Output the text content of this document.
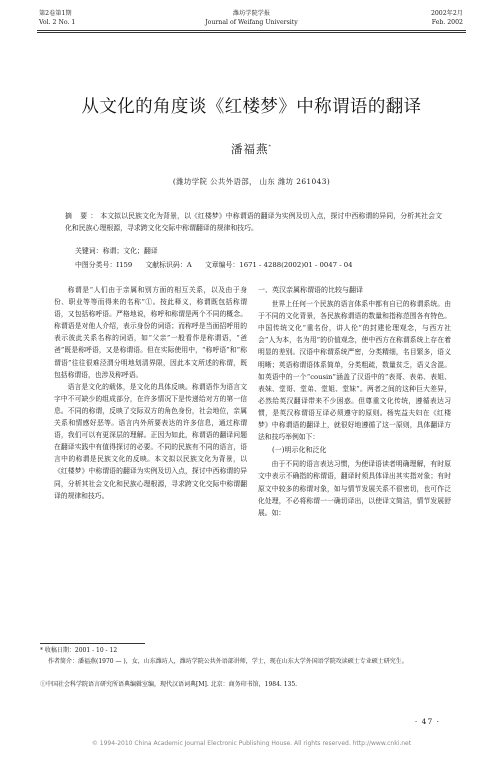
第2卷第1期
Vol. 2 No. 1
潍坊学院学报
Journal of Weifang University
2002年2月
Feb. 2002
从文化的角度谈《红楼梦》中称谓语的翻译
潘福燕*
(潍坊学院 公共外语部， 山东 潍坊 261043)
摘 要：本文拟以民族文化为背景，以《红楼梦》中称谓语的翻译为实例及切入点，探讨中西称谓的异同，分析其社会文化和民族心理根源，寻求跨文化交际中称谓翻译的规律和技巧。
关键词：称谓；文化；翻译
中图分类号：I159 文献标识码：A 文章编号：1671 - 4288(2002)01 - 0047 - 04

称谓是“人们由于亲属和别方面的相互关系，以及由于身份、职业等等而得来的名称”①。按此释义，称谓既包括称谓语，又包括称呼语。严格地说，称呼和称谓是两个不同的概念。称谓语是对他人介绍，表示身份的词语；而称呼是当面招呼用的表示彼此关系名称的词语，如“父亲”一般看作是称谓语，“爸爸”既是称呼语，又是称谓语。但在实际使用中，“称呼语”和“称谓语”往往很难泾渭分明地划清界限，因此本文所述的称谓，既包括称谓语，也涉及称呼语。

语言是文化的载体，是文化的具体反映。称谓语作为语言文字中不可缺少的组成部分，在许多情况下是传递给对方的第一信息。不同的称谓，反映了交际双方的角色身份，社会地位，亲属关系和情感好恶等。语言内外所要表达的许多信息，通过称谓语，我们可以有更深层的理解。正因为如此，称谓语的翻译问题在翻译实践中有值得探讨的必要。不同的民族有不同的语言，语言中的称谓是民族文化的反映。本文拟以民族文化为背景，以《红楼梦》中称谓语的翻译为实例及切入点，探讨中西称谓的异同，分析其社会文化和民族心理根源，寻求跨文化交际中称谓翻译的规律和技巧。

一、英汉亲属称谓语的比较与翻译

世界上任何一个民族的语言体系中都有自已的称谓系统。由于不同的文化背景，各民族称谓语的数量和指称范围各有特色。中国传统文化“重名份，讲人伦”的封建伦理观念，与西方社会“人为本，名为用”的价值观念，使中西方在称谓系统上存在着明显的差别。汉语中称谓系统严密，分类精细，名目繁多，语义明晰；英语称谓语体系简单，分类粗疏，数量贫乏，语义含混。如英语中的一个“cousin”涵盖了汉语中的“表哥、表弟、表姐、表妹、堂哥、堂弟、堂姐、堂妹”。两者之间的这种巨大差异，必然给英汉翻译带来不少困惑。但尊重文化传统，遵循表达习惯，是英汉称谓语互译必须遵守的原则。杨宪益夫妇在《红楼梦》中称谓语的翻译上，就很好地遵循了这一原则，具体翻译方法和技巧举例如下：

(一)明示化和泛化

由于不同的语言表达习惯，为使译语读者明确理解，有时原文中表示不确指的称谓语，翻译时须具体译出其实指对象；有时原文中较多的称谓对象，如与情节发展关系不很密切，也可作泛化处理，不必将称谓一一确切译出，以使译文简洁，情节发展舒展。如：

* 收稿日期：2001 - 10 - 12
作者简介：潘福燕(1970 — )，女，山东潍坊人，潍坊学院公共外语部讲师，学士，现在山东大学外国语学院攻读硕士专业硕士研究生。
①中国社会科学院语言研究所语典编辑室编，现代汉语词典[M]. 北京：商务印书馆，1984. 135.
· 47 ·
© 1994-2010 China Academic Journal Electronic Publishing House. All rights reserved. http://www.cnki.net
